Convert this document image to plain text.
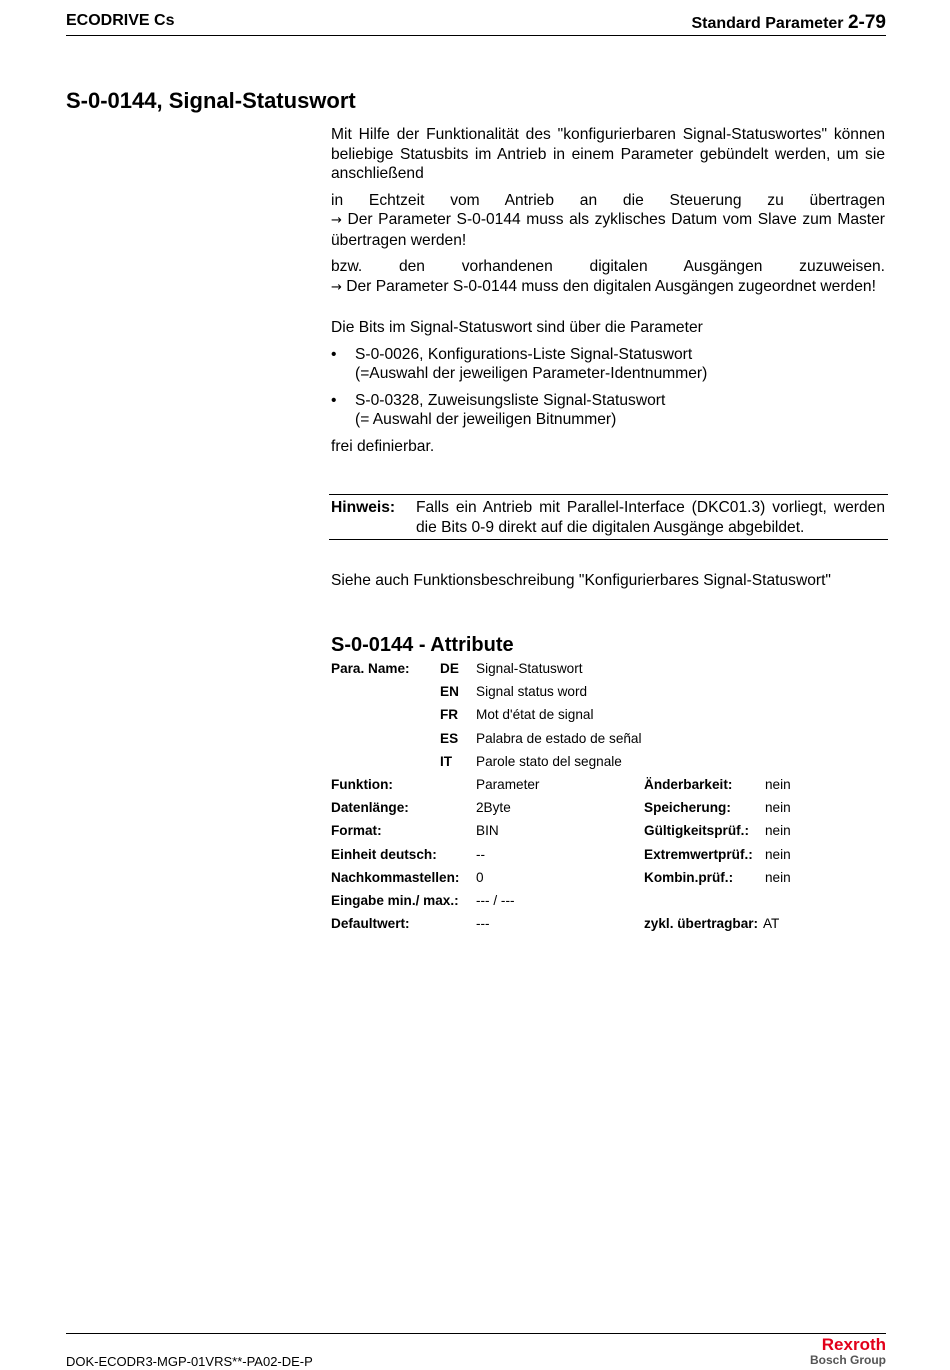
ECODRIVE Cs	Standard Parameter 2-79
S-0-0144, Signal-Statuswort

Mit Hilfe der Funktionalität des "konfigurierbaren Signal-Statuswortes" können beliebige Statusbits im Antrieb in einem Parameter gebündelt werden, um sie anschließend

in Echtzeit vom Antrieb an die Steuerung zu übertragen

→ Der Parameter S-0-0144 muss als zyklisches Datum vom Slave zum Master übertragen werden!

bzw. den vorhandenen digitalen Ausgängen zuzuweisen.

→ Der Parameter S-0-0144 muss den digitalen Ausgängen zugeordnet werden!

Die Bits im Signal-Statuswort sind über die Parameter

• S-0-0026, Konfigurations-Liste Signal-Statuswort

(=Auswahl der jeweiligen Parameter-Identnummer)

• S-0-0328, Zuweisungsliste Signal-Statuswort

(= Auswahl der jeweiligen Bitnummer)

frei definierbar.

Hinweis: Falls ein Antrieb mit Parallel-Interface (DKC01.3) vorliegt, werden die Bits 0-9 direkt auf die digitalen Ausgänge abgebildet.
Siehe auch Funktionsbeschreibung "Konfigurierbares Signal-Statuswort"
S-0-0144 - Attribute
Para. Name: DE Signal-Statuswort
EN Signal status word
FR Mot d'état de signal
ES Palabra de estado de señal
IT Parole stato del segnale
Funktion:	Parameter	Änderbarkeit: nein
Datenlänge:	2Byte	Speicherung:	nein
Format:	BIN	Gültigkeitsprüf.: nein
Einheit deutsch:	--	Extremwertprüf.: nein
Nachkommastellen: 0	Kombin.prüf.: nein
Eingabe min./ max.: --- / ---
Defaultwert:	---	zykl. übertragbar: AT
DOK-ECODR3-MGP-01VRS**-PA02-DE-P
Rexroth
Bosch Group
